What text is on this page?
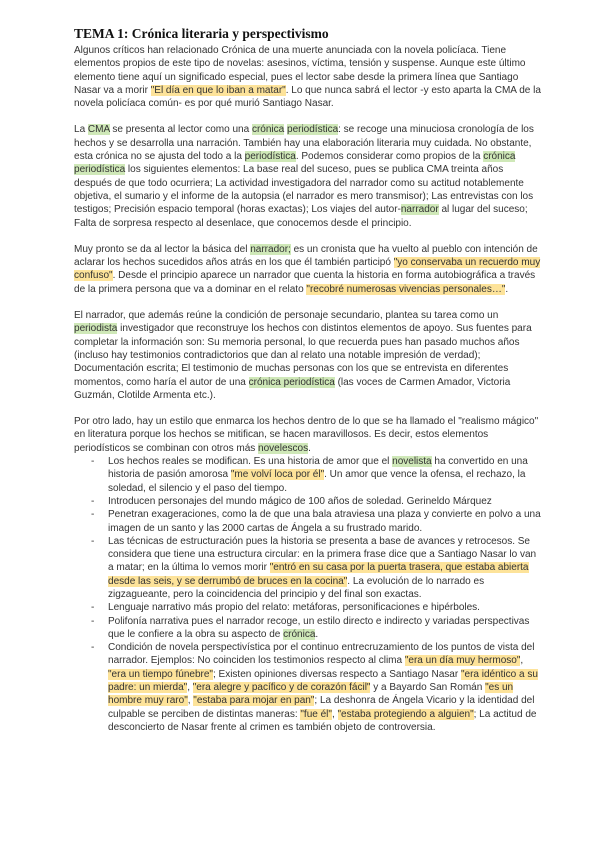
TEMA 1: Crónica literaria y perspectivismo

Algunos críticos han relacionado Crónica de una muerte anunciada con la novela policíaca. Tiene elementos propios de este tipo de novelas: asesinos, víctima, tensión y suspense. Aunque este último elemento tiene aquí un significado especial, pues el lector sabe desde la primera línea que Santiago Nasar va a morir "El día en que lo iban a matar". Lo que nunca sabrá el lector -y esto aparta la CMA de la novela policíaca común- es por qué murió Santiago Nasar.

La CMA se presenta al lector como una crónica periodística: se recoge una minuciosa cronología de los hechos y se desarrolla una narración. También hay una elaboración literaria muy cuidada. No obstante, esta crónica no se ajusta del todo a la periodística. Podemos considerar como propios de la crónica periodística los siguientes elementos: La base real del suceso, pues se publica CMA treinta años después de que todo ocurriera; La actividad investigadora del narrador como su actitud notablemente objetiva, el sumario y el informe de la autopsia (el narrador es mero transmisor); Las entrevistas con los testigos; Precisión espacio temporal (horas exactas); Los viajes del autor-narrador al lugar del suceso; Falta de sorpresa respecto al desenlace, que conocemos desde el principio.

Muy pronto se da al lector la básica del narrador; es un cronista que ha vuelto al pueblo con intención de aclarar los hechos sucedidos años atrás en los que él también participó "yo conservaba un recuerdo muy confuso". Desde el principio aparece un narrador que cuenta la historia en forma autobiográfica a través de la primera persona que va a dominar en el relato "recobré numerosas vivencias personales…".

El narrador, que además reúne la condición de personaje secundario, plantea su tarea como un periodista investigador que reconstruye los hechos con distintos elementos de apoyo. Sus fuentes para completar la información son: Su memoria personal, lo que recuerda pues han pasado muchos años (incluso hay testimonios contradictorios que dan al relato una notable impresión de verdad); Documentación escrita; El testimonio de muchas personas con los que se entrevista en diferentes momentos, como haría el autor de una crónica periodística (las voces de Carmen Amador, Victoria Guzmán, Clotilde Armenta etc.).

Por otro lado, hay un estilo que enmarca los hechos dentro de lo que se ha llamado el "realismo mágico" en literatura porque los hechos se mitifican, se hacen maravillosos. Es decir, estos elementos periodísticos se combinan con otros más novelescos.

- Los hechos reales se modifican. Es una historia de amor que el novelista ha convertido en una historia de pasión amorosa "me volví loca por él". Un amor que vence la ofensa, el rechazo, la soledad, el silencio y el paso del tiempo.
- Introducen personajes del mundo mágico de 100 años de soledad. Gerineldo Márquez
- Penetran exageraciones, como la de que una bala atraviesa una plaza y convierte en polvo a una imagen de un santo y las 2000 cartas de Ángela a su frustrado marido.
- Las técnicas de estructuración pues la historia se presenta a base de avances y retrocesos. Se considera que tiene una estructura circular: en la primera frase dice que a Santiago Nasar lo van a matar; en la última lo vemos morir "entró en su casa por la puerta trasera, que estaba abierta desde las seis, y se derrumbó de bruces en la cocina". La evolución de lo narrado es zigzagueante, pero la coincidencia del principio y del final son exactas.
- Lenguaje narrativo más propio del relato: metáforas, personificaciones e hipérboles.
- Polifonía narrativa pues el narrador recoge, un estilo directo e indirecto y variadas perspectivas que le confiere a la obra su aspecto de crónica.
- Condición de novela perspectivística por el continuo entrecruzamiento de los puntos de vista del narrador. Ejemplos: No coinciden los testimonios respecto al clima "era un día muy hermoso", "era un tiempo fúnebre"; Existen opiniones diversas respecto a Santiago Nasar "era idéntico a su padre: un mierda", "era alegre y pacífico y de corazón fácil" y a Bayardo San Román "es un hombre muy raro", "estaba para mojar en pan"; La deshonra de Ángela Vicario y la identidad del culpable se perciben de distintas maneras: "fue él", "estaba protegiendo a alguien"; La actitud de desconcierto de Nasar frente al crimen es también objeto de controversia.
